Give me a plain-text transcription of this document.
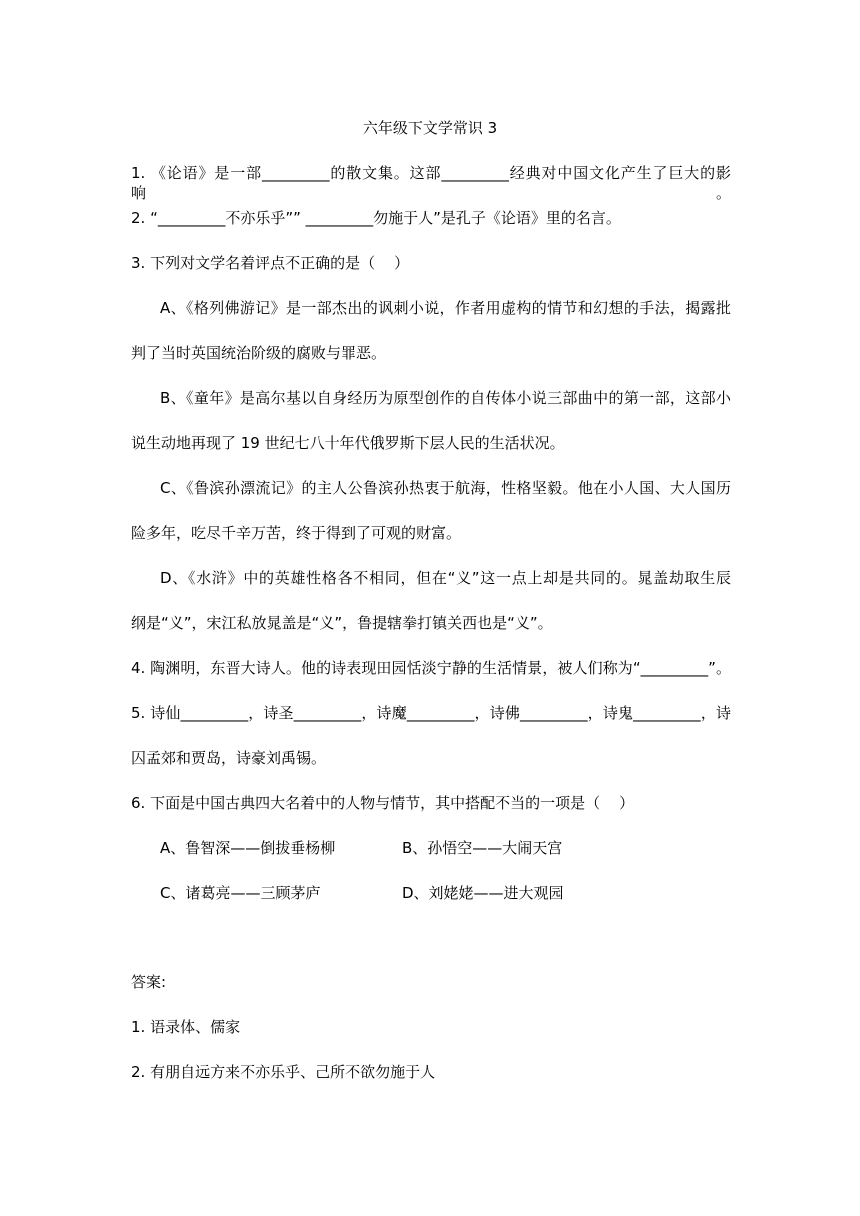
六年级下文学常识 3
1. 《论语》是一部_________的散文集。这部_________经典对中国文化产生了巨大的影响。
2. “_________不亦乐乎”” _________勿施于人”是孔子《论语》里的名言。
3. 下列对文学名着评点不正确的是（    ）
A、《格列佛游记》是一部杰出的讽刺小说，作者用虚构的情节和幻想的手法，揭露批
判了当时英国统治阶级的腐败与罪恶。
B、《童年》是高尔基以自身经历为原型创作的自传体小说三部曲中的第一部，这部小
说生动地再现了 19 世纪七八十年代俄罗斯下层人民的生活状况。
C、《鲁滨孙漂流记》的主人公鲁滨孙热衷于航海，性格坚毅。他在小人国、大人国历
险多年，吃尽千辛万苦，终于得到了可观的财富。
D、《水浒》中的英雄性格各不相同，但在“义”这一点上却是共同的。晁盖劫取生辰
纲是“义”，宋江私放晁盖是“义”，鲁提辖拳打镇关西也是“义”。
4. 陶渊明，东晋大诗人。他的诗表现田园恬淡宁静的生活情景，被人们称为“_________”。
5. 诗仙_________，诗圣_________，诗魔_________，诗佛_________，诗鬼_________，诗
囚孟郊和贾岛，诗豪刘禹锡。
6. 下面是中国古典四大名着中的人物与情节，其中搭配不当的一项是（    ）
A、鲁智深——倒拔垂杨柳	B、孙悟空——大闹天宫
C、诸葛亮——三顾茅庐	D、刘姥姥——进大观园
答案:
1. 语录体、儒家
2. 有朋自远方来不亦乐乎、己所不欲勿施于人
